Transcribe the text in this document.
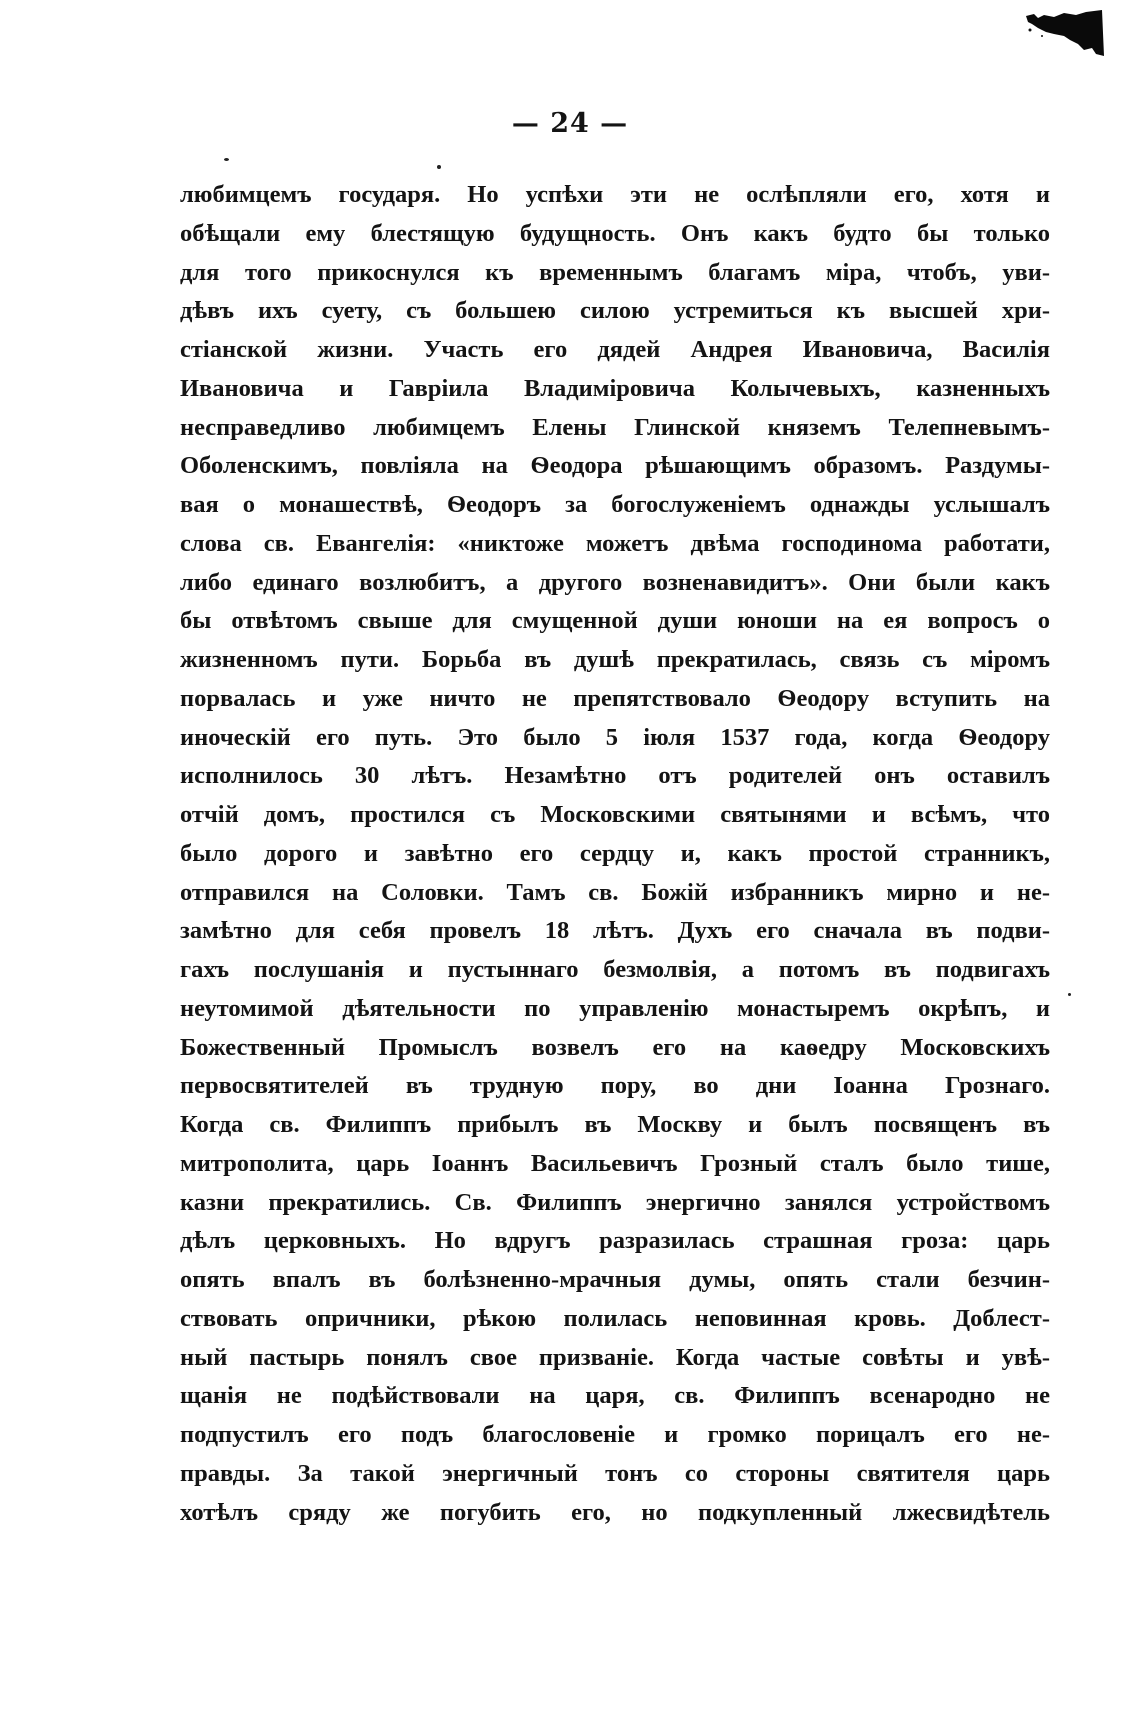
— 24 —
любимцемъ государя. Но успѣхи эти не ослѣпляли его, хотя и
обѣщали ему блестящую будущность. Онъ какъ будто бы только
для того прикоснулся къ временнымъ благамъ міра, чтобъ, уви-
дѣвъ ихъ суету, съ большею силою устремиться къ высшей хри-
стіанской жизни. Участь его дядей Андрея Ивановича, Василія
Ивановича и Гавріила Владиміровича Колычевыхъ, казненныхъ
несправедливо любимцемъ Елены Глинской княземъ Телепневымъ-
Оболенскимъ, повліяла на Ѳеодора рѣшающимъ образомъ. Раздумы-
вая о монашествѣ, Ѳеодоръ за богослуженіемъ однажды услышалъ
слова св. Евангелія: «никтоже можетъ двѣма господинома работати,
либо единаго возлюбитъ, а другого возненавидитъ». Они были какъ
бы отвѣтомъ свыше для смущенной души юноши на ея вопросъ о
жизненномъ пути. Борьба въ душѣ прекратилась, связь съ міромъ
порвалась и уже ничто не препятствовало Ѳеодору вступить на
иноческій его путь. Это было 5 іюля 1537 года, когда Ѳеодору
исполнилось 30 лѣтъ. Незамѣтно отъ родителей онъ оставилъ
отчій домъ, простился съ Московскими святынями и всѣмъ, что
было дорого и завѣтно его сердцу и, какъ простой странникъ,
отправился на Соловки. Тамъ св. Божій избранникъ мирно и не-
замѣтно для себя провелъ 18 лѣтъ. Духъ его сначала въ подви-
гахъ послушанія и пустыннаго безмолвія, а потомъ въ подвигахъ
неутомимой дѣятельности по управленію монастыремъ окрѣпъ, и
Божественный Промыслъ возвелъ его на каѳедру Московскихъ
первосвятителей въ трудную пору, во дни Іоанна Грознаго.
Когда св. Филиппъ прибылъ въ Москву и былъ посвященъ въ
митрополита, царь Іоаннъ Васильевичъ Грозный сталъ было тише,
казни прекратились. Св. Филиппъ энергично занялся устройствомъ
дѣлъ церковныхъ. Но вдругъ разразилась страшная гроза: царь
опять впалъ въ болѣзненно-мрачныя думы, опять стали безчин-
ствовать опричники, рѣкою полилась неповинная кровь. Доблест-
ный пастырь понялъ свое призваніе. Когда частые совѣты и увѣ-
щанія не подѣйствовали на царя, св. Филиппъ всенародно не
подпустилъ его подъ благословеніе и громко порицалъ его не-
правды. За такой энергичный тонъ со стороны святителя царь
хотѣлъ сряду же погубить его, но подкупленный лжесвидѣтель
